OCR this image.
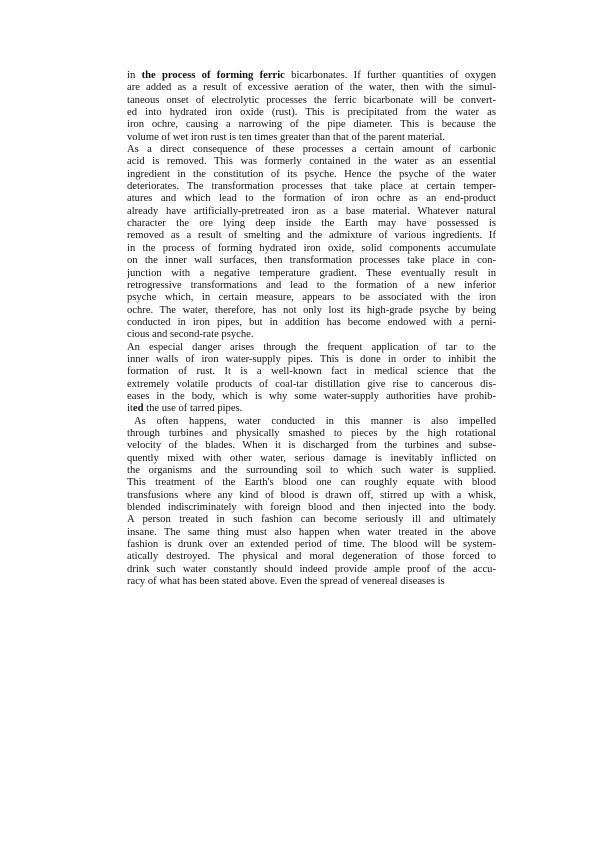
in the process of forming ferric bicarbonates. If further quantities of oxygen
are added as a result of excessive aeration of the water, then with the simul-
taneous onset of electrolytic processes the ferric bicarbonate will be convert-
ed into hydrated iron oxide (rust). This is precipitated from the water as
iron ochre, causing a narrowing of the pipe diameter. This is because the
volume of wet iron rust is ten times greater than that of the parent material.
As a direct consequence of these processes a certain amount of carbonic
acid is removed. This was formerly contained in the water as an essential
ingredient in the constitution of its psyche. Hence the psyche of the water
deteriorates. The transformation processes that take place at certain temper-
atures and which lead to the formation of iron ochre as an end-product
already have artificially-pretreated iron as a base material. Whatever natural
character the ore lying deep inside the Earth may have possessed is
removed as a result of smelting and the admixture of various ingredients. If
in the process of forming hydrated iron oxide, solid components accumulate
on the inner wall surfaces, then transformation processes take place in con-
junction with a negative temperature gradient. These eventually result in
retrogressive transformations and lead to the formation of a new inferior
psyche which, in certain measure, appears to be associated with the iron
ochre. The water, therefore, has not only lost its high-grade psyche by being
conducted in iron pipes, but in addition has become endowed with a perni-
cious and second-rate psyche.
An especial danger arises through the frequent application of tar to the
inner walls of iron water-supply pipes. This is done in order to inhibit the
formation of rust. It is a well-known fact in medical science that the
extremely volatile products of coal-tar distillation give rise to cancerous dis-
eases in the body, which is why some water-supply authorities have prohib-
ited the use of tarred pipes.
As often happens, water conducted in this manner is also impelled
through turbines and physically smashed to pieces by the high rotational
velocity of the blades. When it is discharged from the turbines and subse-
quently mixed with other water, serious damage is inevitably inflicted on
the organisms and the surrounding soil to which such water is supplied.
This treatment of the Earth's blood one can roughly equate with blood
transfusions where any kind of blood is drawn off, stirred up with a whisk,
blended indiscriminately with foreign blood and then injected into the body.
A person treated in such fashion can become seriously ill and ultimately
insane. The same thing must also happen when water treated in the above
fashion is drunk over an extended period of time. The blood will be system-
atically destroyed. The physical and moral degeneration of those forced to
drink such water constantly should indeed provide ample proof of the accu-
racy of what has been stated above. Even the spread of venereal diseases is
